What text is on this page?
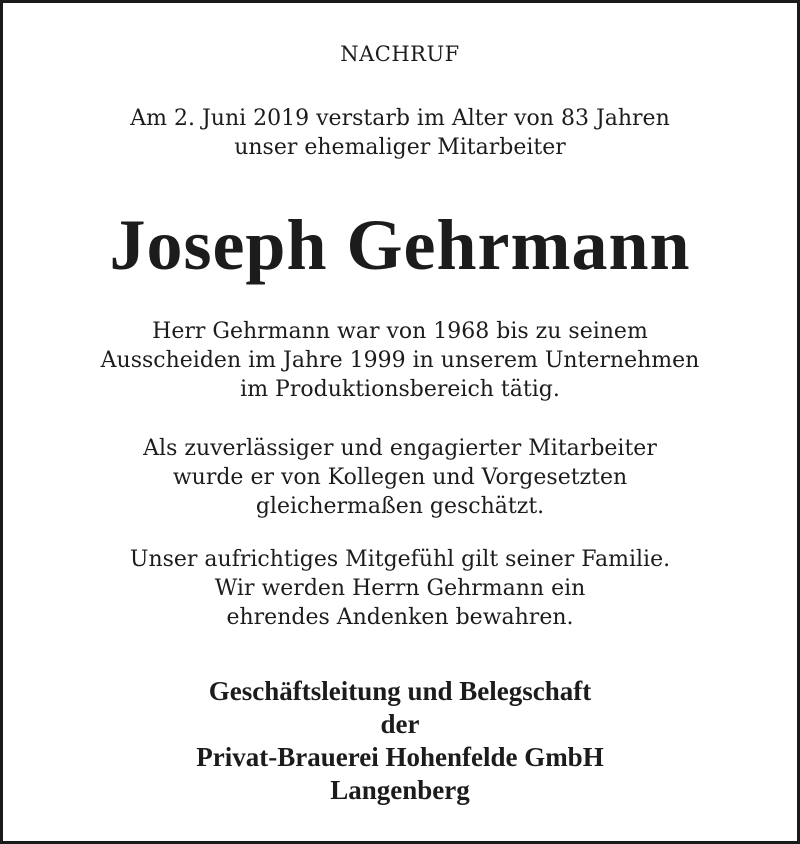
NACHRUF
Am 2. Juni 2019 verstarb im Alter von 83 Jahren
unser ehemaliger Mitarbeiter
Joseph Gehrmann
Herr Gehrmann war von 1968 bis zu seinem
Ausscheiden im Jahre 1999 in unserem Unternehmen
im Produktionsbereich tätig.
Als zuverlässiger und engagierter Mitarbeiter
wurde er von Kollegen und Vorgesetzten
gleichermaßen geschätzt.
Unser aufrichtiges Mitgefühl gilt seiner Familie.
Wir werden Herrn Gehrmann ein
ehrendes Andenken bewahren.
Geschäftsleitung und Belegschaft
der
Privat-Brauerei Hohenfelde GmbH
Langenberg
